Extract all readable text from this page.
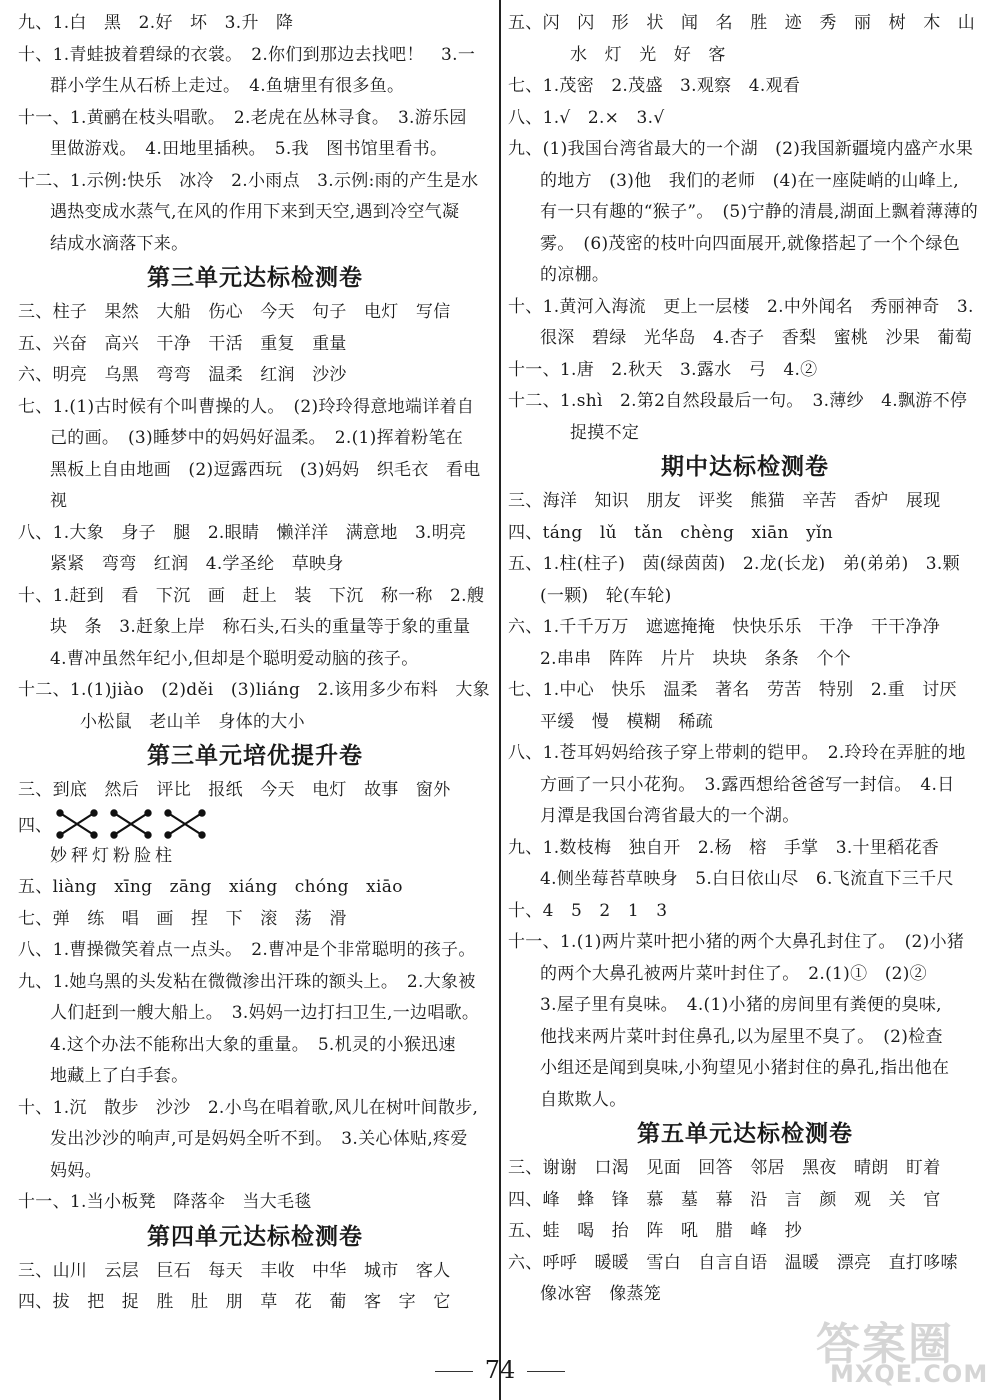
九、1.白　黑　2.好　坏　3.升　降
十、1.青蛙披着碧绿的衣裳。　2.你们到那边去找吧！　3.一
群小学生从石桥上走过。　4.鱼塘里有很多鱼。
十一、1.黄鹂在枝头唱歌。　2.老虎在丛林寻食。　3.游乐园
里做游戏。　4.田地里插秧。　5.我　图书馆里看书。
十二、1.示例:快乐　冰冷　2.小雨点　3.示例:雨的产生是水
遇热变成水蒸气,在风的作用下来到天空,遇到冷空气凝
结成水滴落下来。
第三单元达标检测卷
三、柱子　果然　大船　伤心　今天　句子　电灯　写信
五、兴奋　高兴　干净　干活　重复　重量
六、明亮　乌黑　弯弯　温柔　红润　沙沙
七、1.(1)古时候有个叫曹操的人。　(2)玲玲得意地端详着自
己的画。　(3)睡梦中的妈妈好温柔。　2.(1)挥着粉笔在
黑板上自由地画　(2)逗露西玩　(3)妈妈　织毛衣　看电
视
八、1.大象　身子　腿　2.眼睛　懒洋洋　满意地　3.明亮
紧紧　弯弯　红润　4.学圣纶　草映身
十、1.赶到　看　下沉　画　赶上　装　下沉　称一称　2.艘
块　条　3.赶象上岸　称石头,石头的重量等于象的重量
4.曹冲虽然年纪小,但却是个聪明爱动脑的孩子。
十二、1.(1)jiào　(2)děi　(3)liáng　2.该用多少布料　大象
小松鼠　老山羊　身体的大小
第三单元培优提升卷
三、到底　然后　评比　报纸　今天　电灯　故事　窗外
四、
妙秤灯粉脸柱
五、liàng　xīng　zāng　xiáng　chóng　xiāo
七、弹　练　唱　画　捏　下　滚　荡　滑
八、1.曹操微笑着点一点头。　2.曹冲是个非常聪明的孩子。
九、1.她乌黑的头发粘在微微渗出汗珠的额头上。　2.大象被
人们赶到一艘大船上。　3.妈妈一边打扫卫生,一边唱歌。
4.这个办法不能称出大象的重量。　5.机灵的小猴迅速
地藏上了白手套。
十、1.沉　散步　沙沙　2.小鸟在唱着歌,风儿在树叶间散步,
发出沙沙的响声,可是妈妈全听不到。　3.关心体贴,疼爱
妈妈。
十一、1.当小板凳　降落伞　当大毛毯
第四单元达标检测卷
三、山川　云层　巨石　每天　丰收　中华　城市　客人
四、拔　把　捉　胜　肚　朋　草　花　葡　客　字　它
五、闪　闪　形　状　闻　名　胜　迹　秀　丽　树　木　山
水　灯　光　好　客
七、1.茂密　2.茂盛　3.观察　4.观看
八、1.√　2.×　3.√
九、(1)我国台湾省最大的一个湖　(2)我国新疆境内盛产水果
的地方　(3)他　我们的老师　(4)在一座陡峭的山峰上,
有一只有趣的“猴子”。　(5)宁静的清晨,湖面上飘着薄薄的
雾。　(6)茂密的枝叶向四面展开,就像搭起了一个个绿色
的凉棚。
十、1.黄河入海流　更上一层楼　2.中外闻名　秀丽神奇　3.
很深　碧绿　光华岛　4.杏子　香梨　蜜桃　沙果　葡萄
十一、1.唐　2.秋天　3.露水　弓　4.②
十二、1.shì　2.第2自然段最后一句。　3.薄纱　4.飘游不停
捉摸不定
期中达标检测卷
三、海洋　知识　朋友　评奖　熊猫　辛苦　香炉　展现
四、táng　lǔ　tǎn　chèng　xiān　yǐn
五、1.柱(柱子)　茵(绿茵茵)　2.龙(长龙)　弟(弟弟)　3.颗
(一颗)　轮(车轮)
六、1.千千万万　遮遮掩掩　快快乐乐　干净　干干净净
2.串串　阵阵　片片　块块　条条　个个
七、1.中心　快乐　温柔　著名　劳苦　特别　2.重　讨厌
平缓　慢　模糊　稀疏
八、1.苍耳妈妈给孩子穿上带刺的铠甲。　2.玲玲在弄脏的地
方画了一只小花狗。　3.露西想给爸爸写一封信。　4.日
月潭是我国台湾省最大的一个湖。
九、1.数枝梅　独自开　2.杨　榕　手掌　3.十里稻花香
4.侧坐莓苔草映身　5.白日依山尽　6.飞流直下三千尺
十、4　5　2　1　3
十一、1.(1)两片菜叶把小猪的两个大鼻孔封住了。　(2)小猪
的两个大鼻孔被两片菜叶封住了。　2.(1)①　(2)②
3.屋子里有臭味。　4.(1)小猪的房间里有粪便的臭味,
他找来两片菜叶封住鼻孔,以为屋里不臭了。　(2)检查
小组还是闻到臭味,小狗望见小猪封住的鼻孔,指出他在
自欺欺人。
第五单元达标检测卷
三、谢谢　口渴　见面　回答　邻居　黑夜　晴朗　盯着
四、峰　蜂　锋　慕　墓　幕　沿　言　颜　观　关　官
五、蛙　喝　抬　阵　吼　腊　峰　抄
六、呼呼　暖暖　雪白　自言自语　温暖　漂亮　直打哆嗦
像冰窖　像蒸笼
74	答案圈
MXQE.COM
